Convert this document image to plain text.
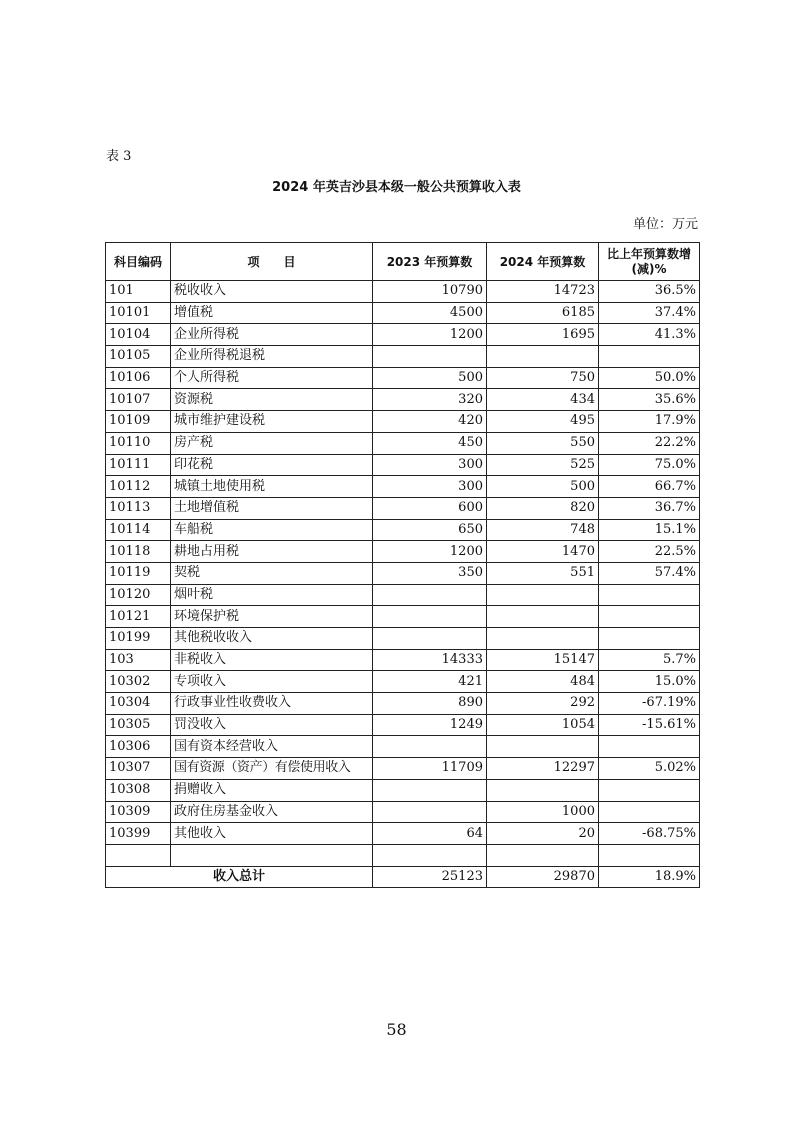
表 3
2024 年英吉沙县本级一般公共预算收入表
单位：万元
科目编码	项　　目	2023 年预算数	2024 年预算数	比上年预算数增(减)%
101	税收收入	10790	14723	36.5%
10101	增值税	4500	6185	37.4%
10104	企业所得税	1200	1695	41.3%
10105	企业所得税退税			
10106	个人所得税	500	750	50.0%
10107	资源税	320	434	35.6%
10109	城市维护建设税	420	495	17.9%
10110	房产税	450	550	22.2%
10111	印花税	300	525	75.0%
10112	城镇土地使用税	300	500	66.7%
10113	土地增值税	600	820	36.7%
10114	车船税	650	748	15.1%
10118	耕地占用税	1200	1470	22.5%
10119	契税	350	551	57.4%
10120	烟叶税			
10121	环境保护税			
10199	其他税收收入			
103	非税收入	14333	15147	5.7%
10302	专项收入	421	484	15.0%
10304	行政事业性收费收入	890	292	-67.19%
10305	罚没收入	1249	1054	-15.61%
10306	国有资本经营收入			
10307	国有资源（资产）有偿使用收入	11709	12297	5.02%
10308	捐赠收入			
10309	政府住房基金收入		1000	
10399	其他收入	64	20	-68.75%

收入总计		25123	29870	18.9%
58
